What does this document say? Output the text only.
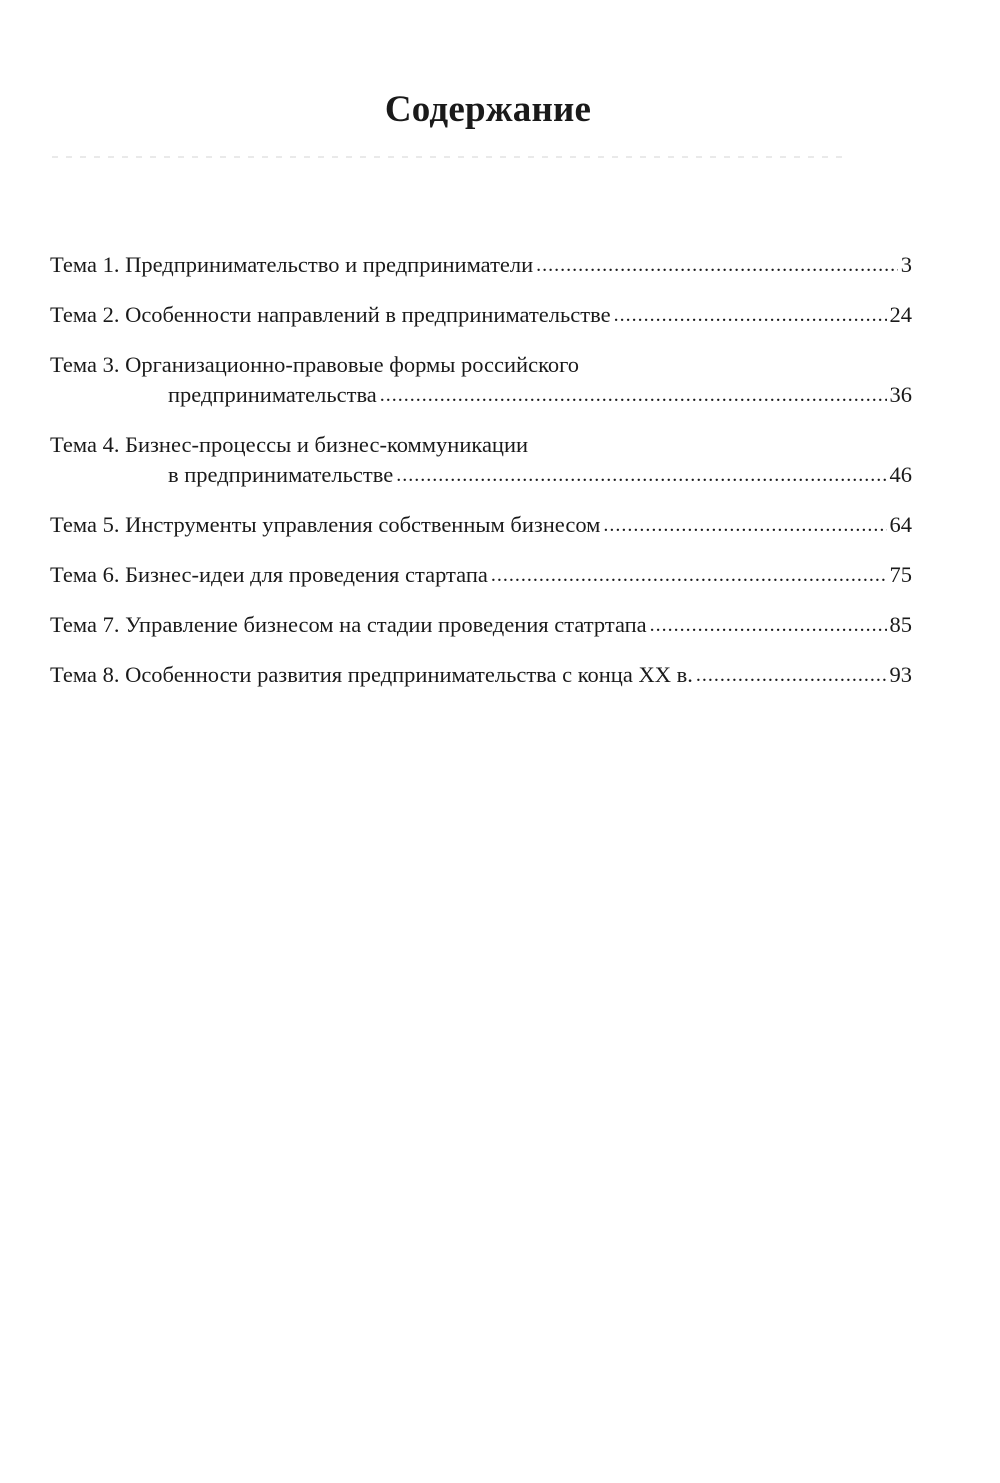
Содержание
Тема 1. Предпринимательство и предприниматели .....	3
Тема 2. Особенности направлений в предпринимательстве .....	24
Тема 3. Организационно-правовые формы российского
предпринимательства .....	36
Тема 4. Бизнес-процессы и бизнес-коммуникации
в предпринимательстве .....	46
Тема 5. Инструменты управления собственным бизнесом .....	64
Тема 6. Бизнес-идеи для проведения стартапа .....	75
Тема 7. Управление бизнесом на стадии проведения статртапа .....	85
Тема 8. Особенности развития предпринимательства с конца XX в. .....	93
